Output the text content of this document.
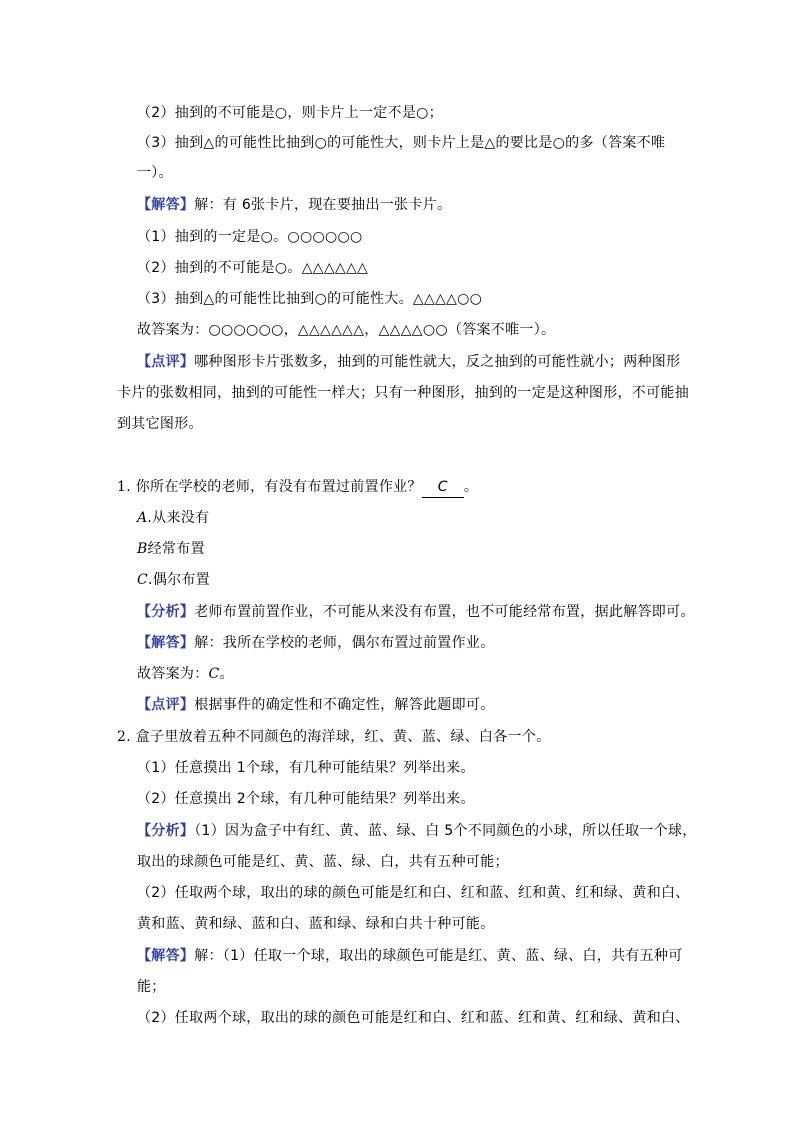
（2）抽到的不可能是○，则卡片上一定不是○；
（3）抽到△的可能性比抽到○的可能性大，则卡片上是△的要比是○的多（答案不唯
一）。
【解答】解：有 6张卡片，现在要抽出一张卡片。
（1）抽到的一定是○。○○○○○○
（2）抽到的不可能是○。△△△△△△
（3）抽到△的可能性比抽到○的可能性大。△△△△○○
故答案为：○○○○○○，△△△△△△，△△△△○○（答案不唯一）。
【点评】哪种图形卡片张数多，抽到的可能性就大，反之抽到的可能性就小；两种图形
卡片的张数相同，抽到的可能性一样大；只有一种图形，抽到的一定是这种图形，不可能抽
到其它图形。
1. 你所在学校的老师，有没有布置过前置作业？ C 。
A.从来没有
B经常布置
C.偶尔布置
【分析】老师布置前置作业，不可能从来没有布置，也不可能经常布置，据此解答即可。
【解答】解：我所在学校的老师，偶尔布置过前置作业。
故答案为：C。
【点评】根据事件的确定性和不确定性，解答此题即可。
2. 盒子里放着五种不同颜色的海洋球，红、黄、蓝、绿、白各一个。
（1）任意摸出 1个球，有几种可能结果？列举出来。
（2）任意摸出 2个球，有几种可能结果？列举出来。
【分析】（1）因为盒子中有红、黄、蓝、绿、白 5个不同颜色的小球，所以任取一个球，
取出的球颜色可能是红、黄、蓝、绿、白，共有五种可能；
（2）任取两个球，取出的球的颜色可能是红和白、红和蓝、红和黄、红和绿、黄和白、
黄和蓝、黄和绿、蓝和白、蓝和绿、绿和白共十种可能。
【解答】解：（1）任取一个球，取出的球颜色可能是红、黄、蓝、绿、白，共有五种可
能；
（2）任取两个球，取出的球的颜色可能是红和白、红和蓝、红和黄、红和绿、黄和白、
